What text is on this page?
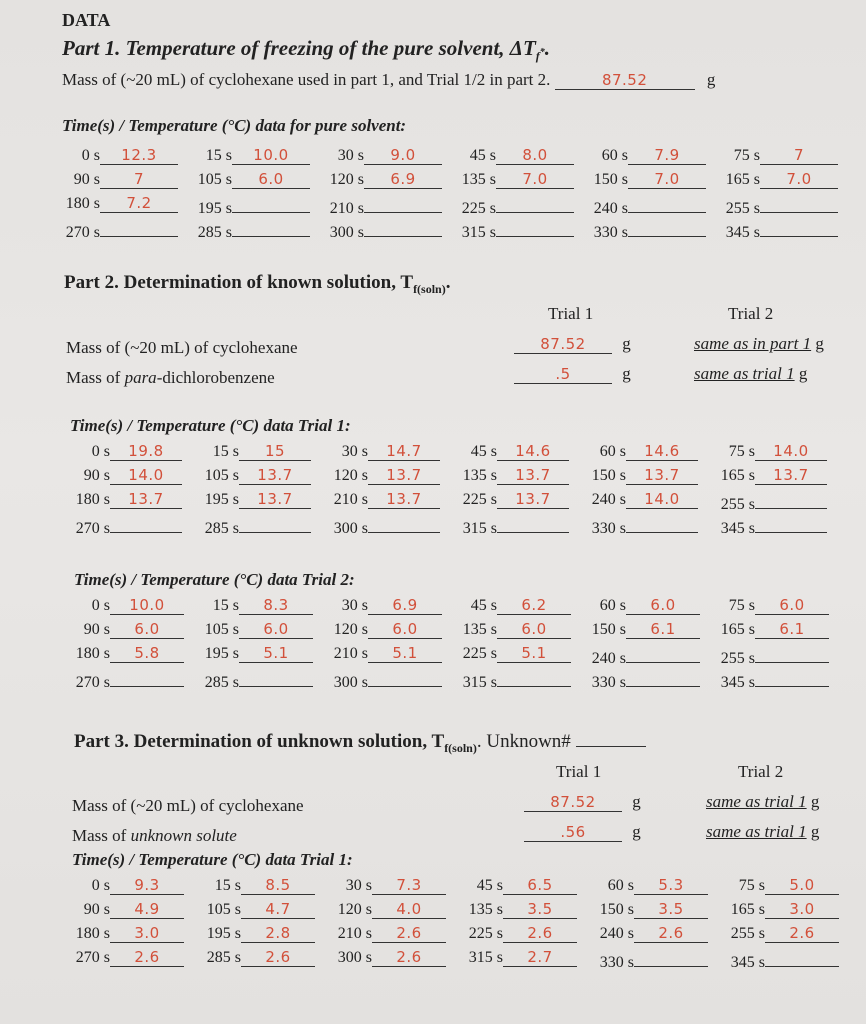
DATA
Part 1. Temperature of freezing of the pure solvent, $\Delta T_{f^*}$.
Mass of (~20 mL) of cyclohexane used in part 1, and Trial 1/2 in part 2.	87.52	g
Time(s) / Temperature (°C) data for pure solvent:
0 s 12.3	15 s 10.0	30 s 9.0	45 s 8.0	60 s 7.9	75 s 7
90 s 7	105 s 6.0	120 s 6.9	135 s 7.0	150 s 7.0	165 s 7.0
180 s 7.2	195 s	210 s	225 s	240 s	255 s
270 s	285 s	300 s	315 s	330 s	345 s
Part 2. Determination of known solution, $T_{f(soln)}$.
Trial 1	Trial 2
Mass of (~20 mL) of cyclohexane	87.52 g	same as in part 1 g
Mass of para-dichlorobenzene	.5	g	same as trial 1 g
Time(s) / Temperature (°C) data Trial 1:
0 s 19.8	15 s 15	30 s 14.7	45 s 14.6	60 s 14.6	75 s 14.0
90 s 14.0	105 s 13.7	120 s 13.7	135 s 13.7	150 s 13.7	165 s 13.7
180 s 13.7	195 s 13.7	210 s 13.7	225 s 13.7	240 s 14.0	255 s
270 s	285 s	300 s	315 s	330 s	345 s
Time(s) / Temperature (°C) data Trial 2:
0 s 10.0	15 s 8.3	30 s 6.9	45 s 6.2	60 s 6.0	75 s 6.0
90 s 6.0	105 s 6.0	120 s 6.0	135 s 6.0	150 s 6.1	165 s 6.1
180 s 5.8	195 s 5.1	210 s 5.1	225 s 5.1	240 s	255 s
270 s	285 s	300 s	315 s	330 s	345 s
Part 3. Determination of unknown solution, $T_{f(soln)}$. Unknown#
Trial 1	Trial 2
Mass of (~20 mL) of cyclohexane	87.52 g	same as trial 1 g
Mass of unknown solute	.56	g	same as trial 1 g
Time(s) / Temperature (°C) data Trial 1:
0 s 9.3	15 s 8.5	30 s 7.3	45 s 6.5	60 s 5.3	75 s 5.0
90 s 4.9	105 s 4.7	120 s 4.0	135 s 3.5	150 s 3.5	165 s 3.0
180 s 3.0	195 s 2.8	210 s 2.6	225 s 2.6	240 s 2.6	255 s 2.6
270 s 2.6	285 s 2.6	300 s 2.6	315 s 2.7	330 s	345 s
